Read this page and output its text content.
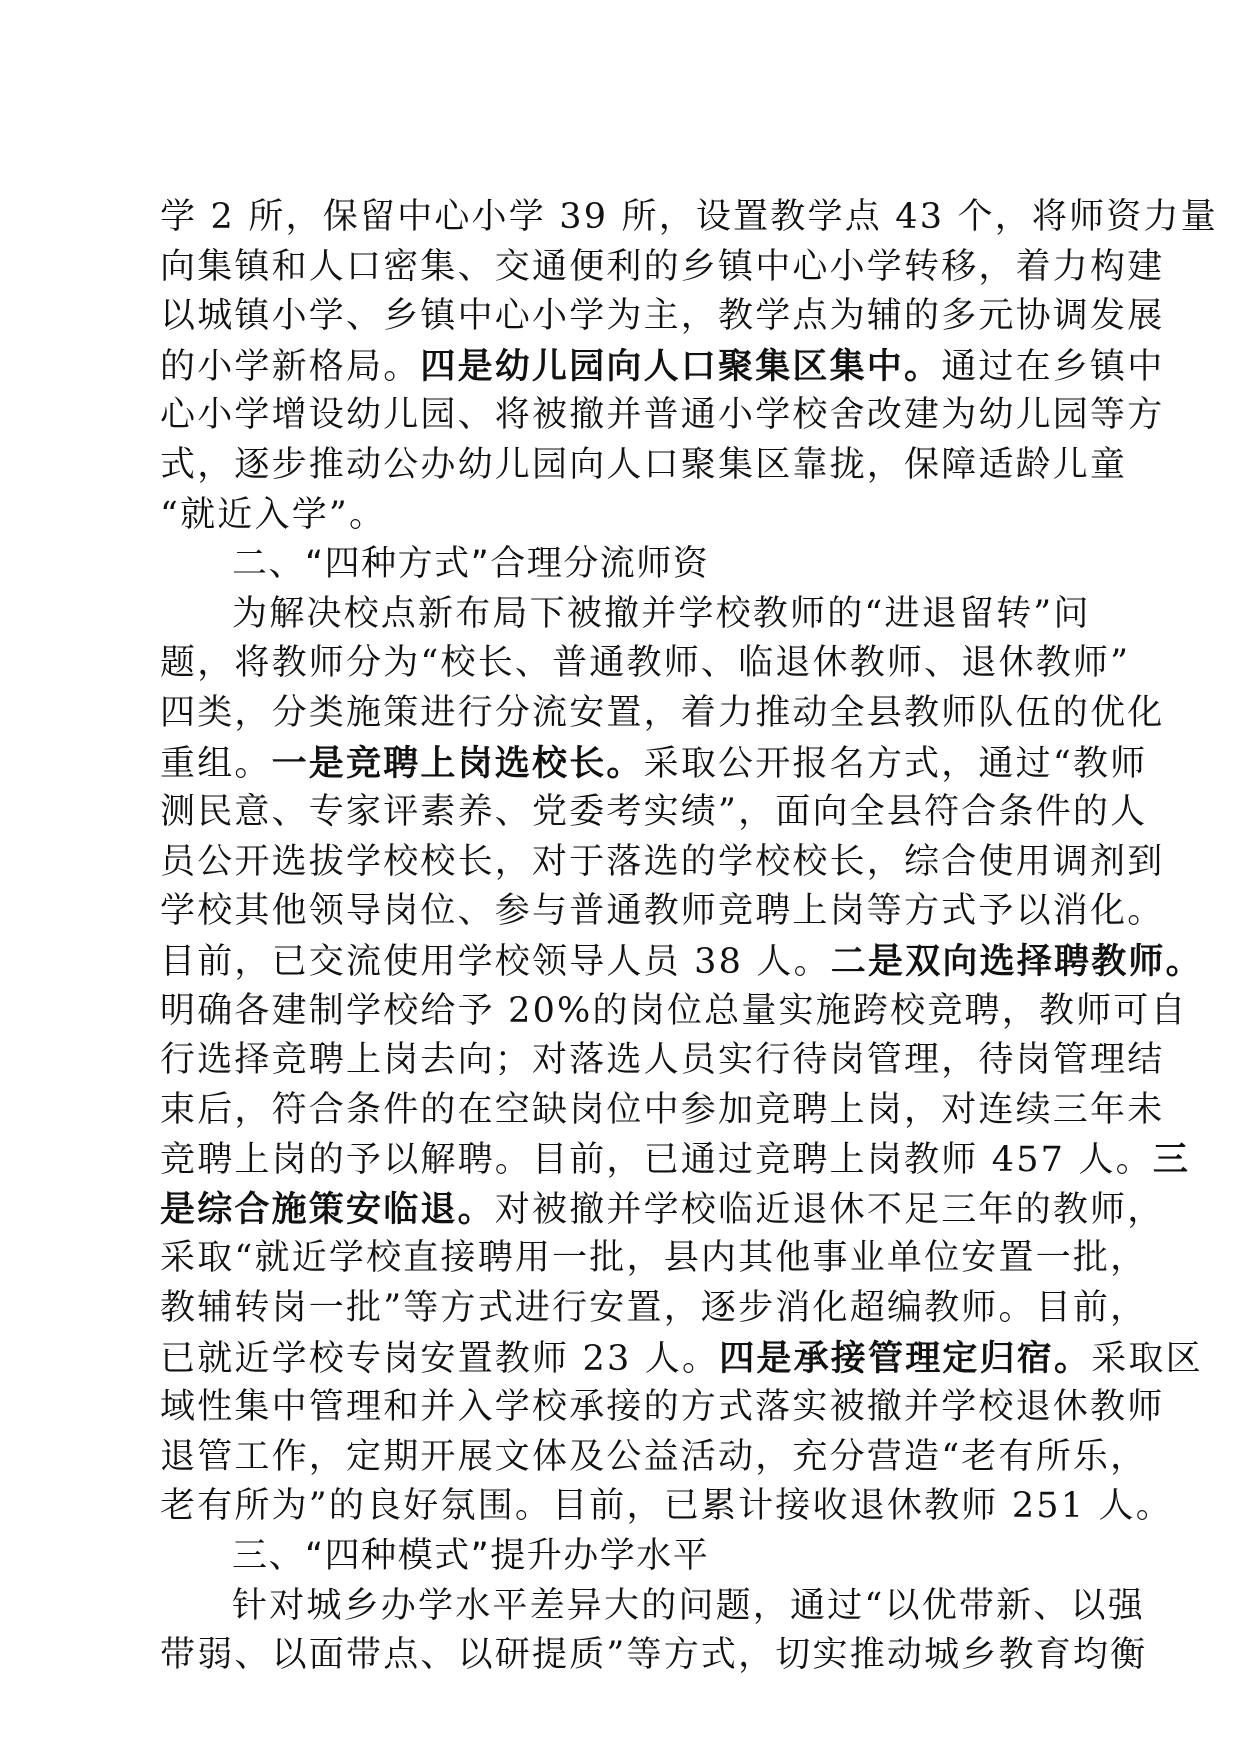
学 2 所，保留中心小学 39 所，设置教学点 43 个，将师资力量
向集镇和人口密集、交通便利的乡镇中心小学转移，着力构建
以城镇小学、乡镇中心小学为主，教学点为辅的多元协调发展
的小学新格局。四是幼儿园向人口聚集区集中。通过在乡镇中
心小学增设幼儿园、将被撤并普通小学校舍改建为幼儿园等方
式，逐步推动公办幼儿园向人口聚集区靠拢，保障适龄儿童
“就近入学”。
二、“四种方式”合理分流师资
为解决校点新布局下被撤并学校教师的“进退留转”问
题，将教师分为“校长、普通教师、临退休教师、退休教师”
四类，分类施策进行分流安置，着力推动全县教师队伍的优化
重组。一是竞聘上岗选校长。采取公开报名方式，通过“教师
测民意、专家评素养、党委考实绩”，面向全县符合条件的人
员公开选拔学校校长，对于落选的学校校长，综合使用调剂到
学校其他领导岗位、参与普通教师竞聘上岗等方式予以消化。
目前，已交流使用学校领导人员 38 人。二是双向选择聘教师。
明确各建制学校给予 20%的岗位总量实施跨校竞聘，教师可自
行选择竞聘上岗去向；对落选人员实行待岗管理，待岗管理结
束后，符合条件的在空缺岗位中参加竞聘上岗，对连续三年未
竞聘上岗的予以解聘。目前，已通过竞聘上岗教师 457 人。三
是综合施策安临退。对被撤并学校临近退休不足三年的教师，
采取“就近学校直接聘用一批，县内其他事业单位安置一批，
教辅转岗一批”等方式进行安置，逐步消化超编教师。目前，
已就近学校专岗安置教师 23 人。四是承接管理定归宿。采取区
域性集中管理和并入学校承接的方式落实被撤并学校退休教师
退管工作，定期开展文体及公益活动，充分营造“老有所乐，
老有所为”的良好氛围。目前，已累计接收退休教师 251 人。
三、“四种模式”提升办学水平
针对城乡办学水平差异大的问题，通过“以优带新、以强
带弱、以面带点、以研提质”等方式，切实推动城乡教育均衡
